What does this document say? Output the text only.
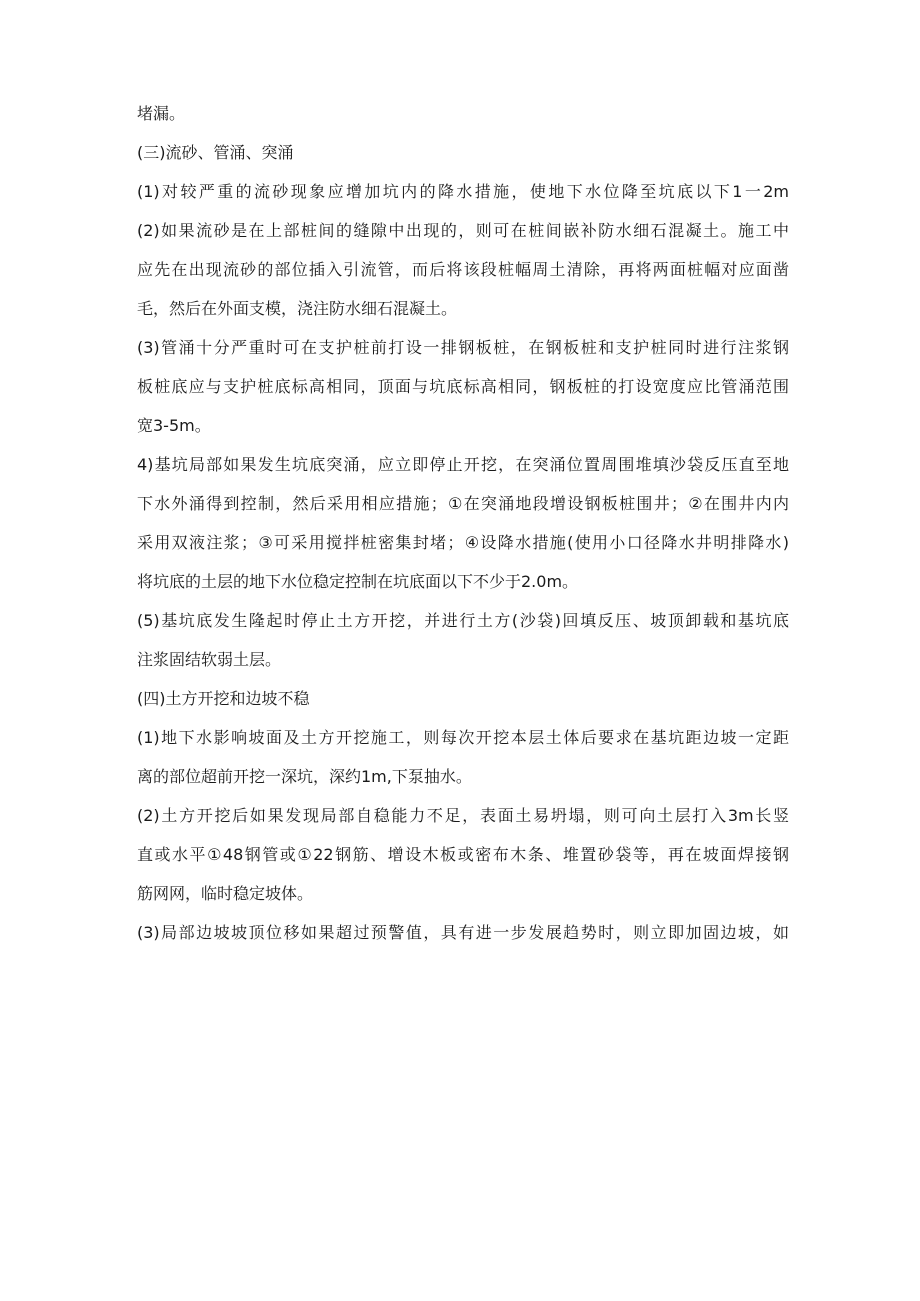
堵漏。
(三)流砂、管涌、突涌
(1)对较严重的流砂现象应增加坑内的降水措施，使地下水位降至坑底以下1一2m
(2)如果流砂是在上部桩间的缝隙中出现的，则可在桩间嵌补防水细石混凝土。施工中
应先在出现流砂的部位插入引流管，而后将该段桩幅周土清除，再将两面桩幅对应面凿
毛，然后在外面支模，浇注防水细石混凝土。
(3)管涌十分严重时可在支护桩前打设一排钢板桩，在钢板桩和支护桩同时进行注浆钢
板桩底应与支护桩底标高相同，顶面与坑底标高相同，钢板桩的打设宽度应比管涌范围
宽3-5m。
4)基坑局部如果发生坑底突涌，应立即停止开挖，在突涌位置周围堆填沙袋反压直至地
下水外涌得到控制，然后采用相应措施；①在突涌地段增设钢板桩围井；②在围井内内
采用双液注浆；③可采用搅拌桩密集封堵；④设降水措施(使用小口径降水井明排降水)
将坑底的土层的地下水位稳定控制在坑底面以下不少于2.0m。
(5)基坑底发生隆起时停止土方开挖，并进行土方(沙袋)回填反压、坡顶卸载和基坑底
注浆固结软弱土层。
(四)土方开挖和边坡不稳
(1)地下水影响坡面及土方开挖施工，则每次开挖本层土体后要求在基坑距边坡一定距
离的部位超前开挖一深坑，深约1m,下泵抽水。
(2)土方开挖后如果发现局部自稳能力不足，表面土易坍塌，则可向土层打入3m长竖
直或水平①48钢管或①22钢筋、增设木板或密布木条、堆置砂袋等，再在坡面焊接钢
筋网网，临时稳定坡体。
(3)局部边坡坡顶位移如果超过预警值，具有进一步发展趋势时，则立即加固边坡，如
